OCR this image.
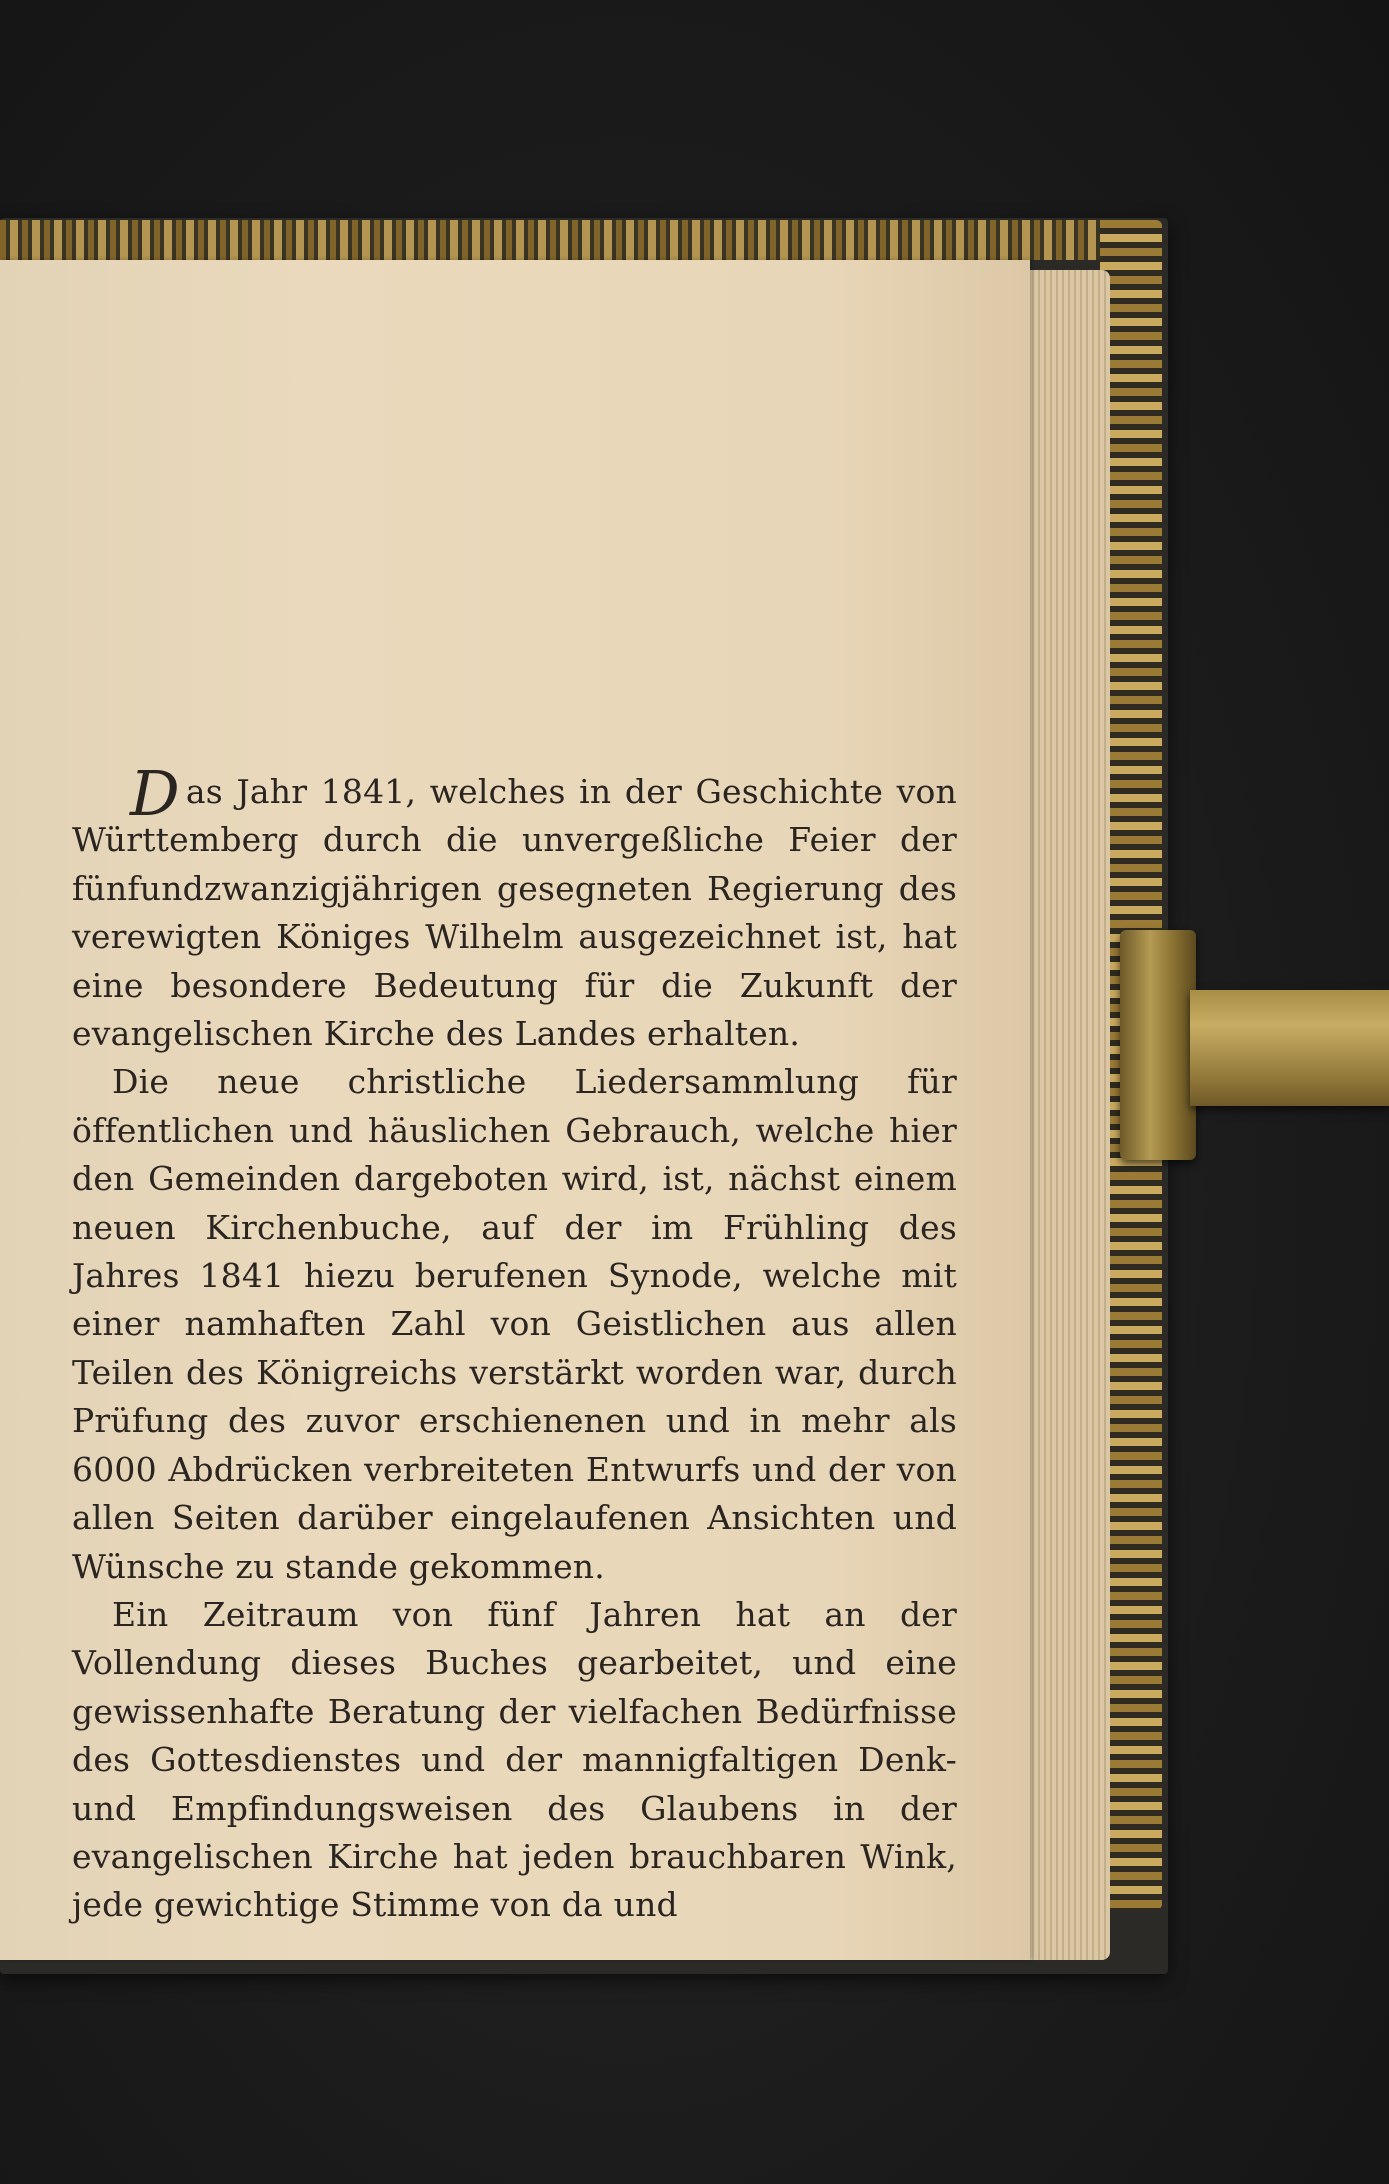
Das Jahr 1841, welches in der Geschichte von Württemberg durch die unvergeßliche Feier der fünfundzwanzigjährigen gesegneten Regierung des verewigten Königes Wilhelm ausgezeichnet ist, hat eine besondere Bedeutung für die Zukunft der evangelischen Kirche des Landes erhalten.

Die neue christliche Liedersammlung für öffentlichen und häuslichen Gebrauch, welche hier den Gemeinden dargeboten wird, ist, nächst einem neuen Kirchenbuche, auf der im Frühling des Jahres 1841 hiezu berufenen Synode, welche mit einer namhaften Zahl von Geistlichen aus allen Teilen des Königreichs verstärkt worden war, durch Prüfung des zuvor erschienenen und in mehr als 6000 Abdrücken verbreiteten Entwurfs und der von allen Seiten darüber eingelaufenen Ansichten und Wünsche zu stande gekommen.

Ein Zeitraum von fünf Jahren hat an der Vollendung dieses Buches gearbeitet, und eine gewissenhafte Beratung der vielfachen Bedürfnisse des Gottesdienstes und der mannigfaltigen Denk- und Empfindungsweisen des Glaubens in der evangelischen Kirche hat jeden brauchbaren Wink, jede gewichtige Stimme von da und
